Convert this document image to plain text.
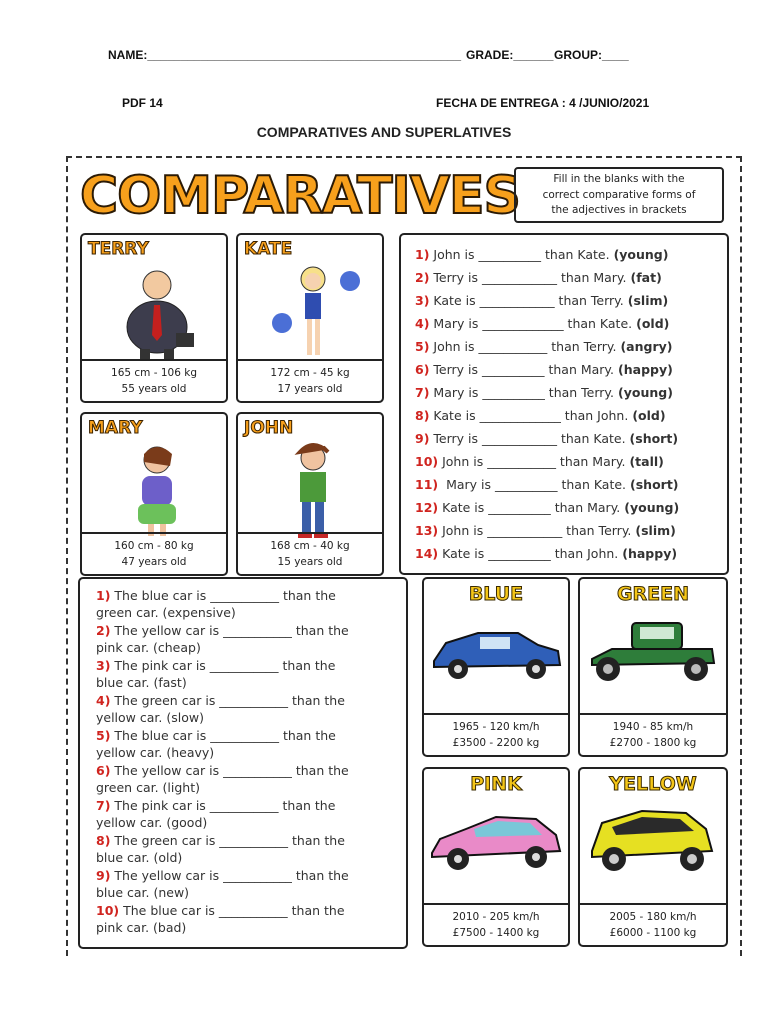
NAME:_______________________________________________ GRADE:______ GROUP:____
PDF 14	FECHA DE ENTREGA : 4 /JUNIO/2021
COMPARATIVES AND SUPERLATIVES
COMPARATIVES	Fill in the blanks with the
correct comparative forms of
the adjectives in brackets
TERRY
165 cm - 106 kg
55 years old
KATE
172 cm - 45 kg
17 years old
MARY
160 cm - 80 kg
47 years old
JOHN
168 cm - 40 kg
15 years old
1) John is __________ than Kate. (young)
2) Terry is ____________ than Mary. (fat)
3) Kate is ____________ than Terry. (slim)
4) Mary is _____________ than Kate. (old)
5) John is ___________ than Terry. (angry)
6) Terry is __________ than Mary. (happy)
7) Mary is __________ than Terry. (young)
8) Kate is _____________ than John. (old)
9) Terry is ____________ than Kate. (short)
10) John is ___________ than Mary. (tall)
11)  Mary is __________ than Kate. (short)
12) Kate is __________ than Mary. (young)
13) John is ____________ than Terry. (slim)
14) Kate is __________ than John. (happy)
1) The blue car is ___________ than the
green car. (expensive)
2) The yellow car is ___________ than the
pink car. (cheap)
3) The pink car is ___________ than the
blue car. (fast)
4) The green car is ___________ than the
yellow car. (slow)
5) The blue car is ___________ than the
yellow car. (heavy)
6) The yellow car is ___________ than the
green car. (light)
7) The pink car is ___________ than the
yellow car. (good)
8) The green car is ___________ than the
blue car. (old)
9) The yellow car is ___________ than the
blue car. (new)
10) The blue car is ___________ than the
pink car. (bad)
BLUE
1965 - 120 km/h
£3500 - 2200 kg
GREEN
1940 - 85 km/h
£2700 - 1800 kg
PINK
2010 - 205 km/h
£7500 - 1400 kg
YELLOW
2005 - 180 km/h
£6000 - 1100 kg
